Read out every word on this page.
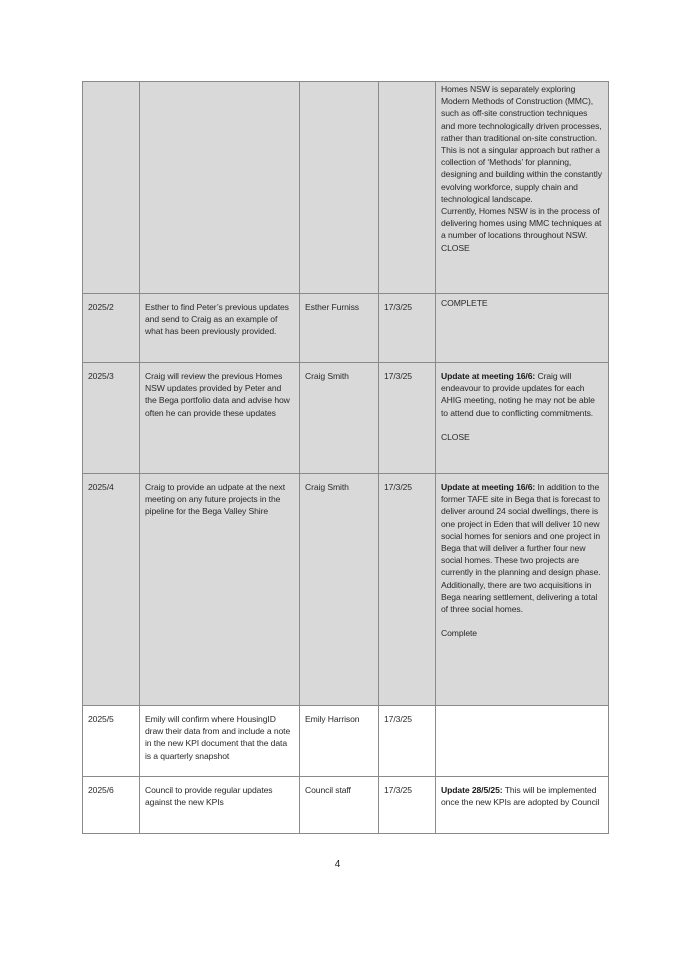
				Homes NSW is separately exploring Modern Methods of Construction (MMC), such as off-site construction techniques and more technologically driven processes, rather than traditional on-site construction.
This is not a singular approach but rather a collection of ‘Methods’ for planning, designing and building within the constantly evolving workforce, supply chain and technological landscape.
Currently, Homes NSW is in the process of delivering homes using MMC techniques at a number of locations throughout NSW.
CLOSE

2025/2	Esther to find Peter’s previous updates and send to Craig as an example of what has been previously provided.	Esther Furniss	17/3/25	COMPLETE
2025/3	Craig will review the previous Homes NSW updates provided by Peter and the Bega portfolio data and advise how often he can provide these updates	Craig Smith	17/3/25	Update at meeting 16/6: Craig will endeavour to provide updates for each AHIG meeting, noting he may not be able to attend due to conflicting commitments.
CLOSE

2025/4	Craig to provide an udpate at the next meeting on any future projects in the pipeline for the Bega Valley Shire	Craig Smith	17/3/25	Update at meeting 16/6: In addition to the former TAFE site in Bega that is forecast to deliver around 24 social dwellings, there is one project in Eden that will deliver 10 new social homes for seniors and one project in Bega that will deliver a further four new social homes. These two projects are currently in the planning and design phase. Additionally, there are two acquisitions in Bega nearing settlement, delivering a total of three social homes.
Complete

2025/5	Emily will confirm where HousingID draw their data from and include a note in the new KPI document that the data is a quarterly snapshot	Emily Harrison	17/3/25	
2025/6	Council to provide regular updates against the new KPIs	Council staff	17/3/25	Update 28/5/25: This will be implemented once the new KPIs are adopted by Council
4
